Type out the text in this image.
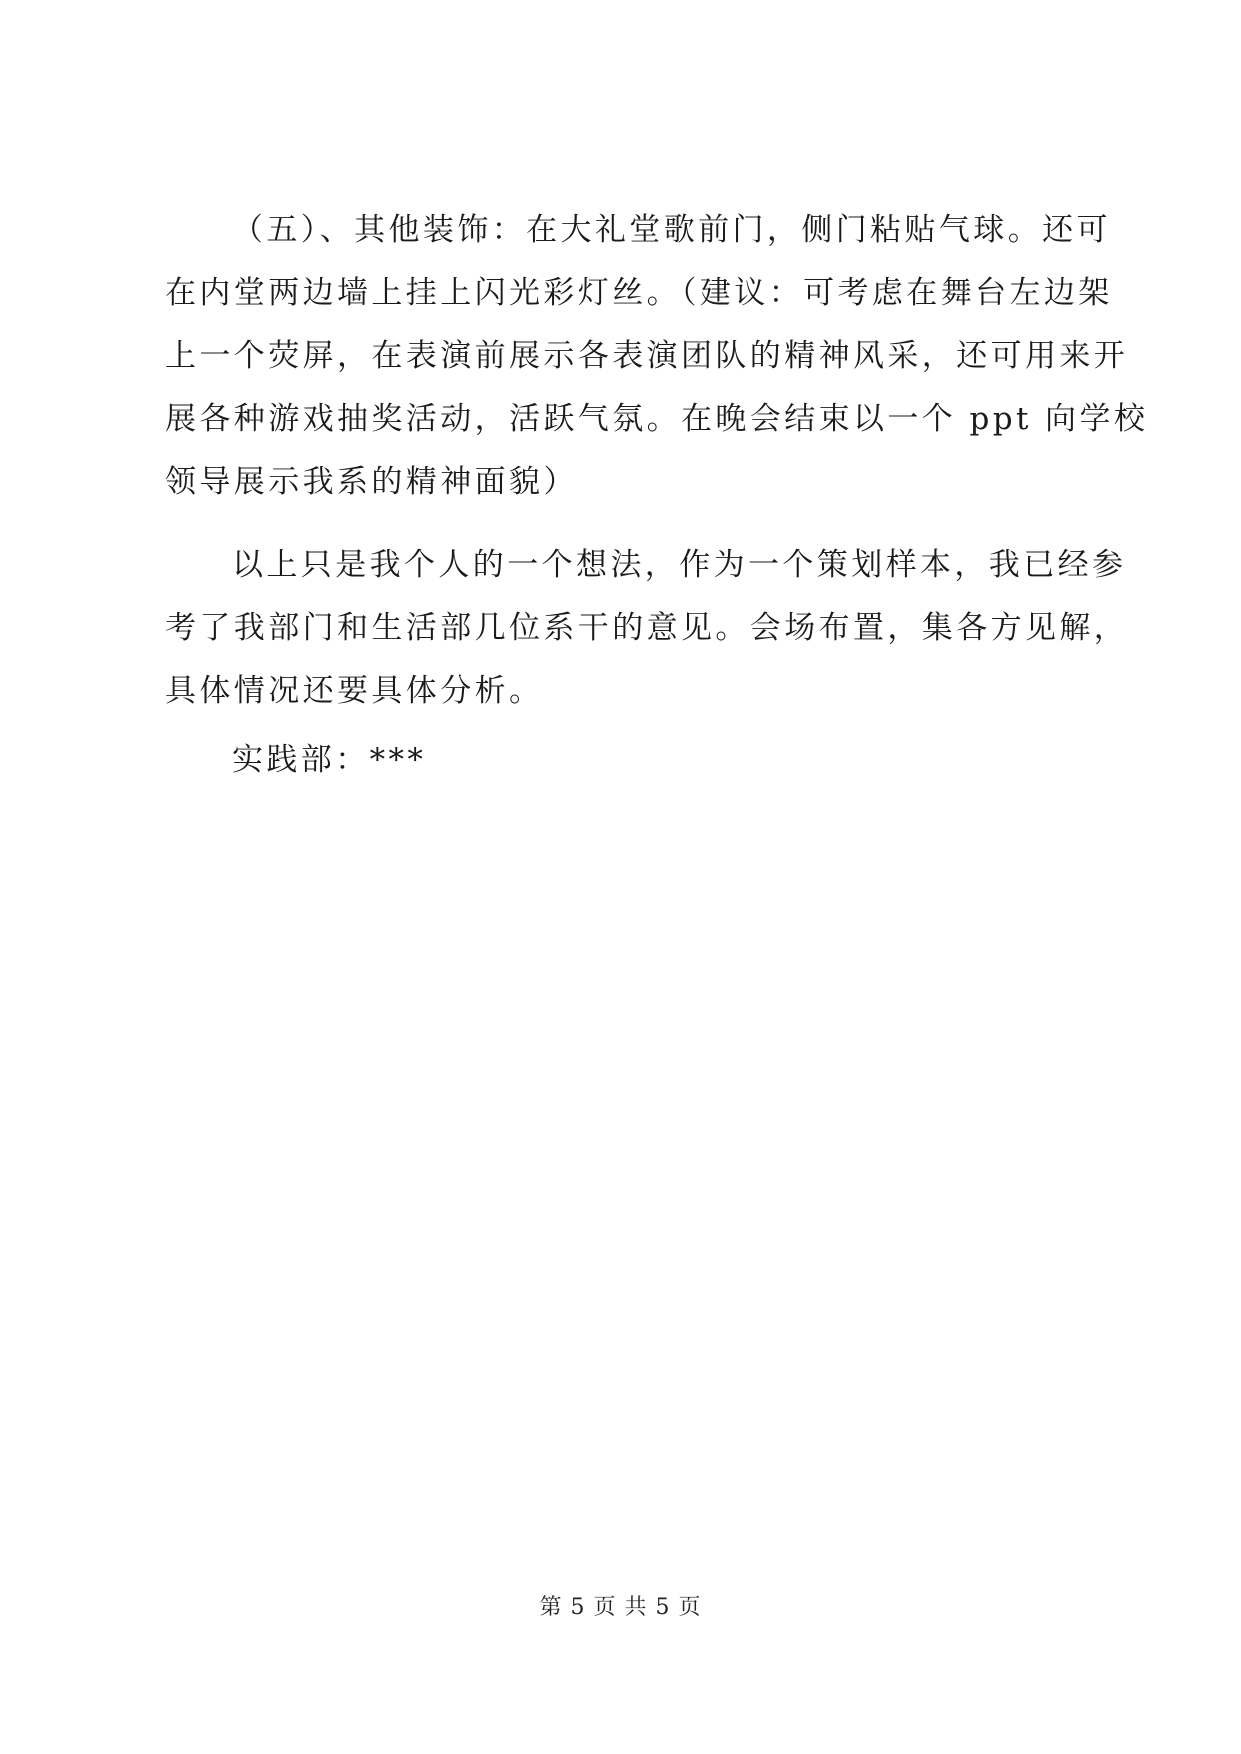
（五）、其他装饰：在大礼堂歌前门，侧门粘贴气球。还可
在内堂两边墙上挂上闪光彩灯丝。（建议：可考虑在舞台左边架
上一个荧屏，在表演前展示各表演团队的精神风采，还可用来开
展各种游戏抽奖活动，活跃气氛。在晚会结束以一个 ppt 向学校
领导展示我系的精神面貌）
以上只是我个人的一个想法，作为一个策划样本，我已经参
考了我部门和生活部几位系干的意见。会场布置，集各方见解，
具体情况还要具体分析。
实践部：***
第 5 页 共 5 页
